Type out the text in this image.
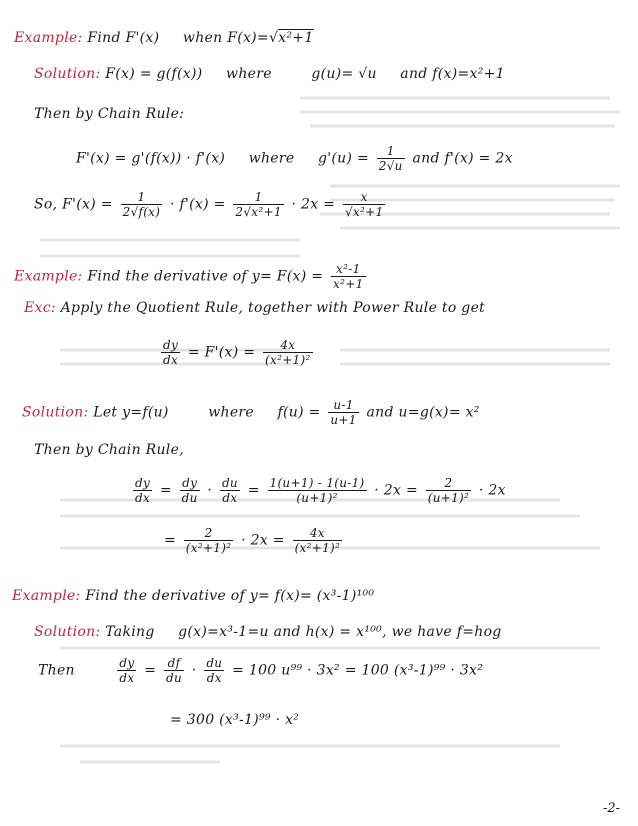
Example: Find F'(x) when F(x)=√x²+1
Solution: F(x) = g(f(x)) where	g(u)= √u and f(x)=x²+1
Then by Chain Rule:
F'(x) = g'(f(x)) · f'(x) where $g'(u) = \frac{1}{2√u}$ and f'(x) = 2x
So, $F'(x) = \frac{1}{2√f(x)} \cdot f'(x) = \frac{1}{\text{2√x²+1}} \cdot 2x = \frac{x}{\text{√x²+1}}$
Example: Find the derivative of $y= F(x) = \frac{\text{x²-1}}{\text{x²+1}}$
Exc: Apply the Quotient Rule, together with Power Rule to get
$\frac{dy}{dx} = F'(x) = \frac{4x}{\text{(x²+1)²}}$
Solution: Let y=f(u)	where $f(u) = \frac{u-1}{u+1}$ and u=g(x)= x²
Then by Chain Rule,
$\frac{dy}{dx} = \frac{dy}{du} \cdot \frac{du}{dx} = \frac{1(u+1) - 1(u-1)}{\text{(u+1)²}} \cdot 2x = \frac{2}{\text{(u+1)²}} \cdot 2x$
= $\frac{2}{\text{(x²+1)²}} \cdot 2x = \frac{4x}{\text{(x²+1)²}}$
Example: Find the derivative of y= f(x)= (x³-1)¹⁰⁰
Solution: Taking g(x)=x³-1=u and h(x) = x¹⁰⁰, we have f=hog
Then	$\frac{dy}{dx} = \frac{df}{du} \cdot \frac{du}{dx} = 100$ u⁹⁹ · 3x² = 100 (x³-1)⁹⁹ · 3x²
= 300 (x³-1)⁹⁹ · x²
-2-
